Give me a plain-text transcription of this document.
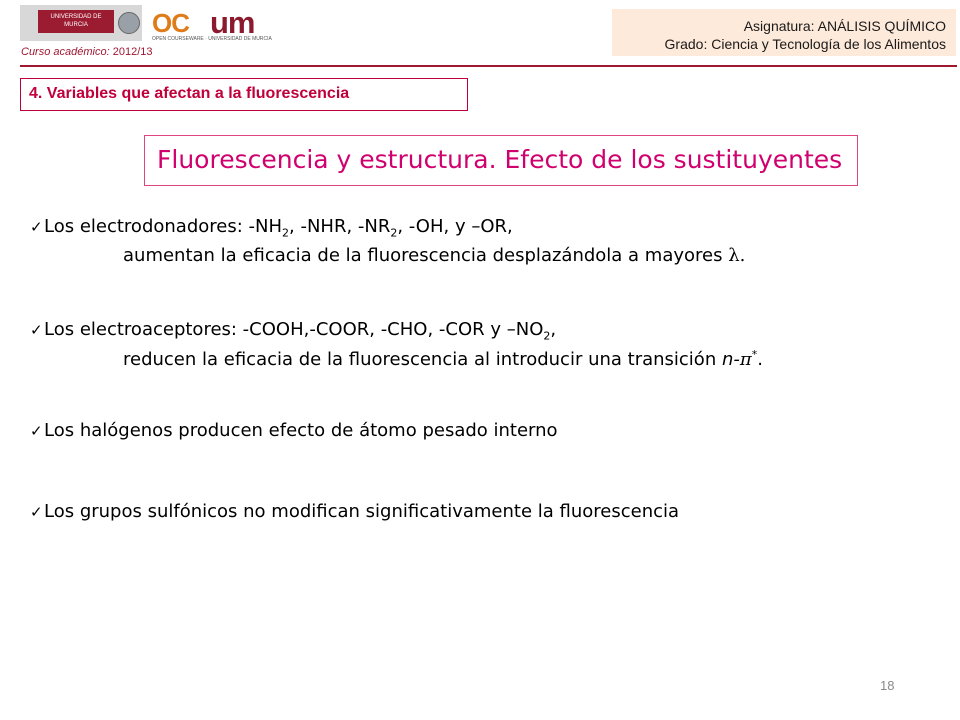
UNIVERSIDAD DE MURCIA	OC um
OPEN COURSEWARE · UNIVERSIDAD DE MURCIA
Curso académico: 2012/13
Asignatura: ANÁLISIS QUÍMICO
Grado: Ciencia y Tecnología de los Alimentos
4. Variables que afectan a la fluorescencia
Fluorescencia y estructura. Efecto de los sustituyentes
✓Los electrodonadores: $-NH_2$, -NHR, $-NR_2$, -OH, y –OR,
aumentan la eficacia de la fluorescencia desplazándola a mayores λ.
✓Los electroaceptores: -COOH,-COOR, -CHO, -COR y $-NO_2$,
reducen la eficacia de la fluorescencia al introducir una transición n-π*.
✓Los halógenos producen efecto de átomo pesado interno
✓Los grupos sulfónicos no modifican significativamente la fluorescencia
18
